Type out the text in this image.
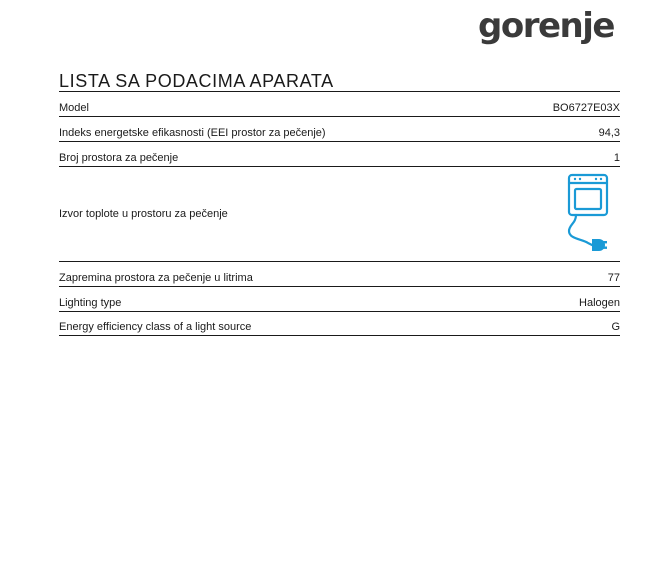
gorenje
LISTA SA PODACIMA APARATA
Model	BO6727E03X
Indeks energetske efikasnosti (EEI prostor za pečenje)	94,3
Broj prostora za pečenje	1
Izvor toplote u prostoru za pečenje
Zapremina prostora za pečenje u litrima	77
Lighting type	Halogen
Energy efficiency class of a light source	G
